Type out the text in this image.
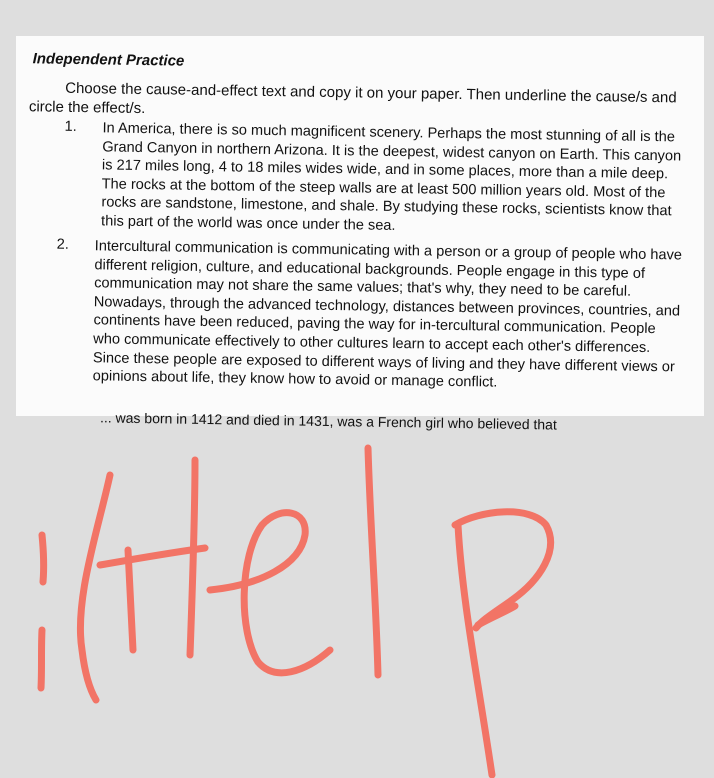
Independent Practice
Choose the cause-and-effect text and copy it on your paper. Then underline the cause/s and circle the effect/s.
1. In America, there is so much magnificent scenery. Perhaps the most stunning of all is the Grand Canyon in northern Arizona. It is the deepest, widest canyon on Earth. This canyon is 217 miles long, 4 to 18 miles wides wide, and in some places, more than a mile deep. The rocks at the bottom of the steep walls are at least 500 million years old. Most of the rocks are sandstone, limestone, and shale. By studying these rocks, scientists know that this part of the world was once under the sea.
2. Intercultural communication is communicating with a person or a group of people who have different religion, culture, and educational backgrounds. People engage in this type of communication may not share the same values; that's why, they need to be careful. Nowadays, through the advanced technology, distances between provinces, countries, and continents have been reduced, paving the way for in-tercultural communication. People who communicate effectively to other cultures learn to accept each other's differences. Since these people are exposed to different ways of living and they have different views or opinions about life, they know how to avoid or manage conflict.
... was born in 1412 and died in 1431, was a French girl who believed that
